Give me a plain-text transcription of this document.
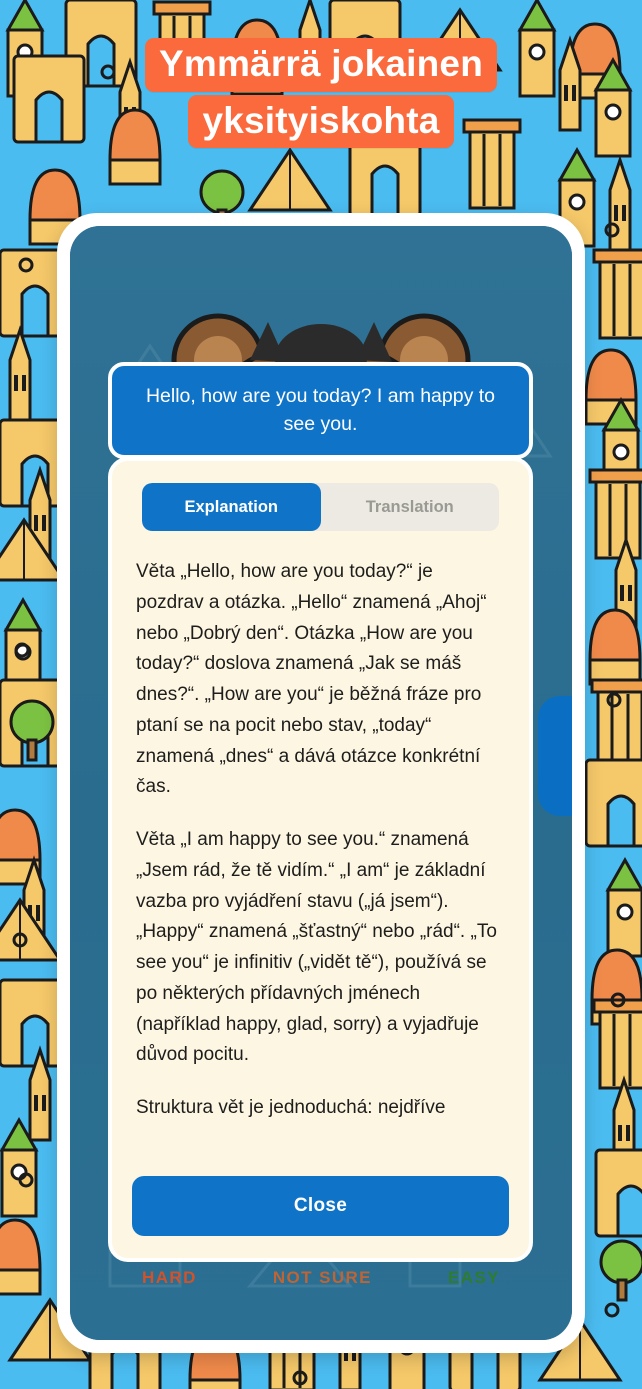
Ymmärrä jokainen
yksityiskohta
Hello, how are you today? I am happy to see you.
HARD	NOT SURE	EASY
Explanation	Translation

Věta „Hello, how are you today?“ je pozdrav a otázka. „Hello“ znamená „Ahoj“ nebo „Dobrý den“. Otázka „How are you today?“ doslova znamená „Jak se máš dnes?“. „How are you“ je běžná fráze pro ptaní se na pocit nebo stav, „today“ znamená „dnes“ a dává otázce konkrétní čas.

Věta „I am happy to see you.“ znamená „Jsem rád, že tě vidím.“ „I am“ je základní vazba pro vyjádření stavu („já jsem“). „Happy“ znamená „šťastný“ nebo „rád“. „To see you“ je infinitiv („vidět tě“), používá se po některých přídavných jménech (například happy, glad, sorry) a vyjadřuje důvod pocitu.

Struktura vět je jednoduchá: nejdříve

Close
